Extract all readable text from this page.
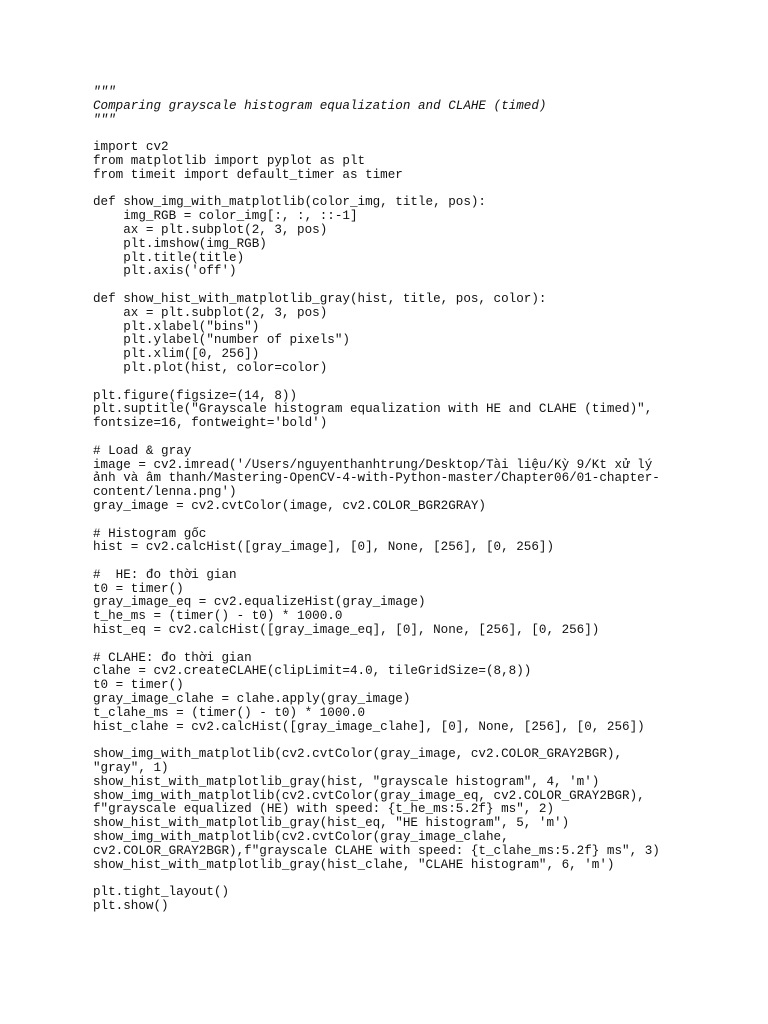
"""
Comparing grayscale histogram equalization and CLAHE (timed)
"""
import cv2
from matplotlib import pyplot as plt
from timeit import default_timer as timer
def show_img_with_matplotlib(color_img, title, pos):
img_RGB = color_img[:, :, ::-1]
ax = plt.subplot(2, 3, pos)
plt.imshow(img_RGB)
plt.title(title)
plt.axis('off')
def show_hist_with_matplotlib_gray(hist, title, pos, color):
ax = plt.subplot(2, 3, pos)
plt.xlabel("bins")
plt.ylabel("number of pixels")
plt.xlim([0, 256])
plt.plot(hist, color=color)
plt.figure(figsize=(14, 8))
plt.suptitle("Grayscale histogram equalization with HE and CLAHE (timed)",
fontsize=16, fontweight='bold')
# Load & gray
image = cv2.imread('/Users/nguyenthanhtrung/Desktop/Tài liệu/Kỳ 9/Kt xử lý
ảnh và âm thanh/Mastering-OpenCV-4-with-Python-master/Chapter06/01-chapter-
content/lenna.png')
gray_image = cv2.cvtColor(image, cv2.COLOR_BGR2GRAY)
# Histogram gốc
hist = cv2.calcHist([gray_image], [0], None, [256], [0, 256])
#  HE: đo thời gian
t0 = timer()
gray_image_eq = cv2.equalizeHist(gray_image)
t_he_ms = (timer() - t0) * 1000.0
hist_eq = cv2.calcHist([gray_image_eq], [0], None, [256], [0, 256])
# CLAHE: đo thời gian
clahe = cv2.createCLAHE(clipLimit=4.0, tileGridSize=(8,8))
t0 = timer()
gray_image_clahe = clahe.apply(gray_image)
t_clahe_ms = (timer() - t0) * 1000.0
hist_clahe = cv2.calcHist([gray_image_clahe], [0], None, [256], [0, 256])
show_img_with_matplotlib(cv2.cvtColor(gray_image, cv2.COLOR_GRAY2BGR),
"gray", 1)
show_hist_with_matplotlib_gray(hist, "grayscale histogram", 4, 'm')
show_img_with_matplotlib(cv2.cvtColor(gray_image_eq, cv2.COLOR_GRAY2BGR),
f"grayscale equalized (HE) with speed: {t_he_ms:5.2f} ms", 2)
show_hist_with_matplotlib_gray(hist_eq, "HE histogram", 5, 'm')
show_img_with_matplotlib(cv2.cvtColor(gray_image_clahe,
cv2.COLOR_GRAY2BGR),f"grayscale CLAHE with speed: {t_clahe_ms:5.2f} ms", 3)
show_hist_with_matplotlib_gray(hist_clahe, "CLAHE histogram", 6, 'm')
plt.tight_layout()
plt.show()
